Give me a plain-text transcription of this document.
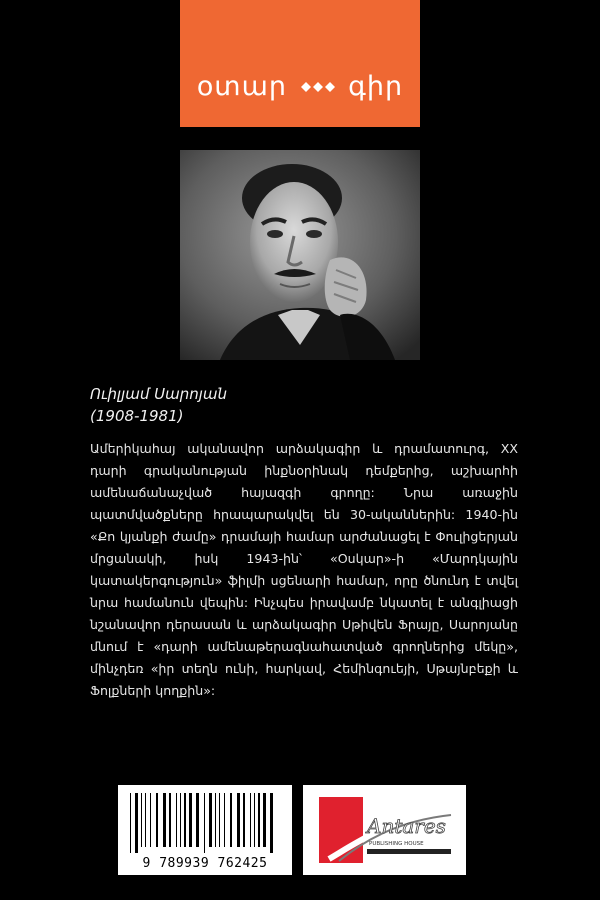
օտար գիր
Ուիլյամ Սարոյան
(1908-1981)

Ամերիկահայ ականավոր արձակագիր և դրամատուրգ, XX դարի գրականության ինքնօրինակ դեմքերից, աշխարհի ամենաճանաչված հայազգի գրողը: Նրա առաջին պատմվածքները հրապարակվել են 30-ականներին: 1940-ին «Քո կյանքի ժամը» դրամայի համար արժանացել է Փուլիցերյան մրցանակի, իսկ 1943-ին՝ «Օսկար»-ի «Մարդկային կատակերգություն» ֆիլմի սցենարի համար, որը ծնունդ է տվել նրա համանուն վեպին: Ինչպես իրավամբ նկատել է անգլիացի նշանավոր դերասան և արձակագիր Սթիվեն Ֆրայը, Սարոյանը մնում է «դարի ամենաթերագնահատված գրողներից մեկը», մինչդեռ «իր տեղն ունի, հարկավ, Հեմինգուեյի, Սթայնբեքի և Ֆոլքների կողքին»:

9 789939 762425
Antares
PUBLISHING HOUSE
